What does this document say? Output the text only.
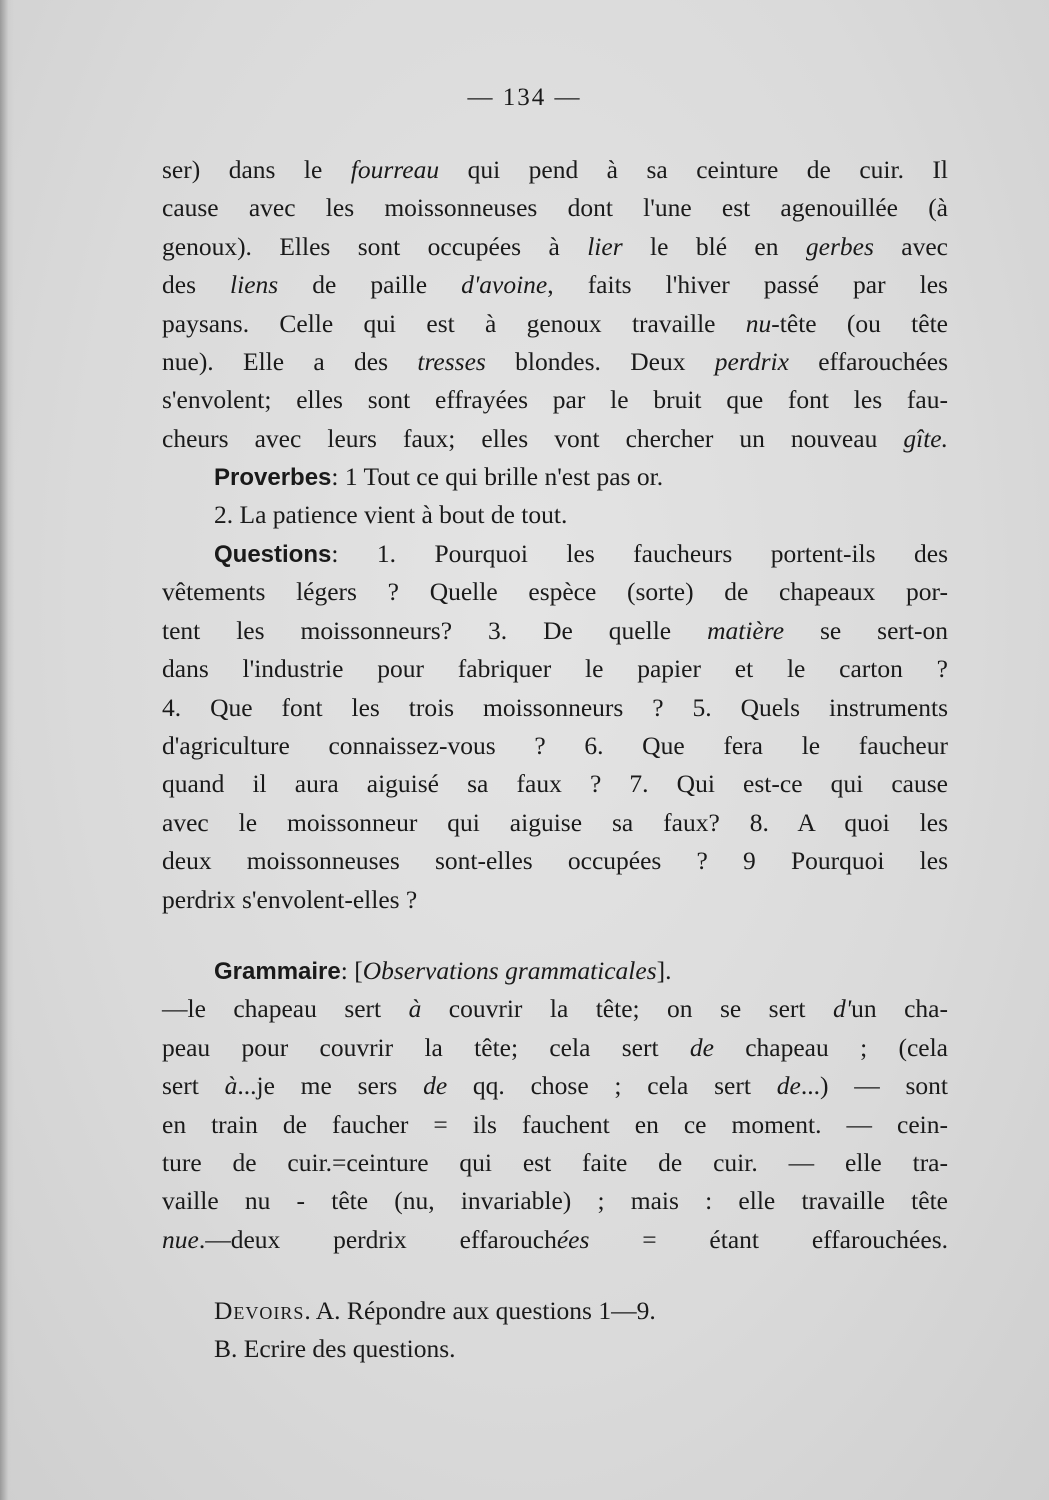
— 134 —
ser) dans le fourreau qui pend à sa ceinture de cuir. Il
cause avec les moissonneuses dont l'une est agenouillée (à
genoux). Elles sont occupées à lier le blé en gerbes avec
des liens de paille d'avoine, faits l'hiver passé par les
paysans. Celle qui est à genoux travaille nu-tête (ou tête
nue). Elle a des tresses blondes. Deux perdrix effarouchées
s'envolent; elles sont effrayées par le bruit que font les fau-
cheurs avec leurs faux; elles vont chercher un nouveau gîte.
Proverbes: 1 Tout ce qui brille n'est pas or.
2. La patience vient à bout de tout.
Questions: 1. Pourquoi les faucheurs portent-ils des
vêtements légers ? Quelle espèce (sorte) de chapeaux por-
tent les moissonneurs? 3. De quelle matière se sert-on
dans l'industrie pour fabriquer le papier et le carton ?
4. Que font les trois moissonneurs ? 5. Quels instruments
d'agriculture connaissez-vous ? 6. Que fera le faucheur
quand il aura aiguisé sa faux ? 7. Qui est-ce qui cause
avec le moissonneur qui aiguise sa faux? 8. A quoi les
deux moissonneuses sont-elles occupées ? 9 Pourquoi les
perdrix s'envolent-elles ?
Grammaire: [Observations grammaticales].
—le chapeau sert à couvrir la tête; on se sert d'un cha-
peau pour couvrir la tête; cela sert de chapeau ; (cela
sert à...je me sers de qq. chose ; cela sert de...) — sont
en train de faucher = ils fauchent en ce moment. — cein-
ture de cuir.=ceinture qui est faite de cuir. — elle tra-
vaille nu - tête (nu, invariable) ; mais : elle travaille tête
nue.—deux perdrix effarouchées = étant effarouchées.
Devoirs. A. Répondre aux questions 1—9.
B. Ecrire des questions.
